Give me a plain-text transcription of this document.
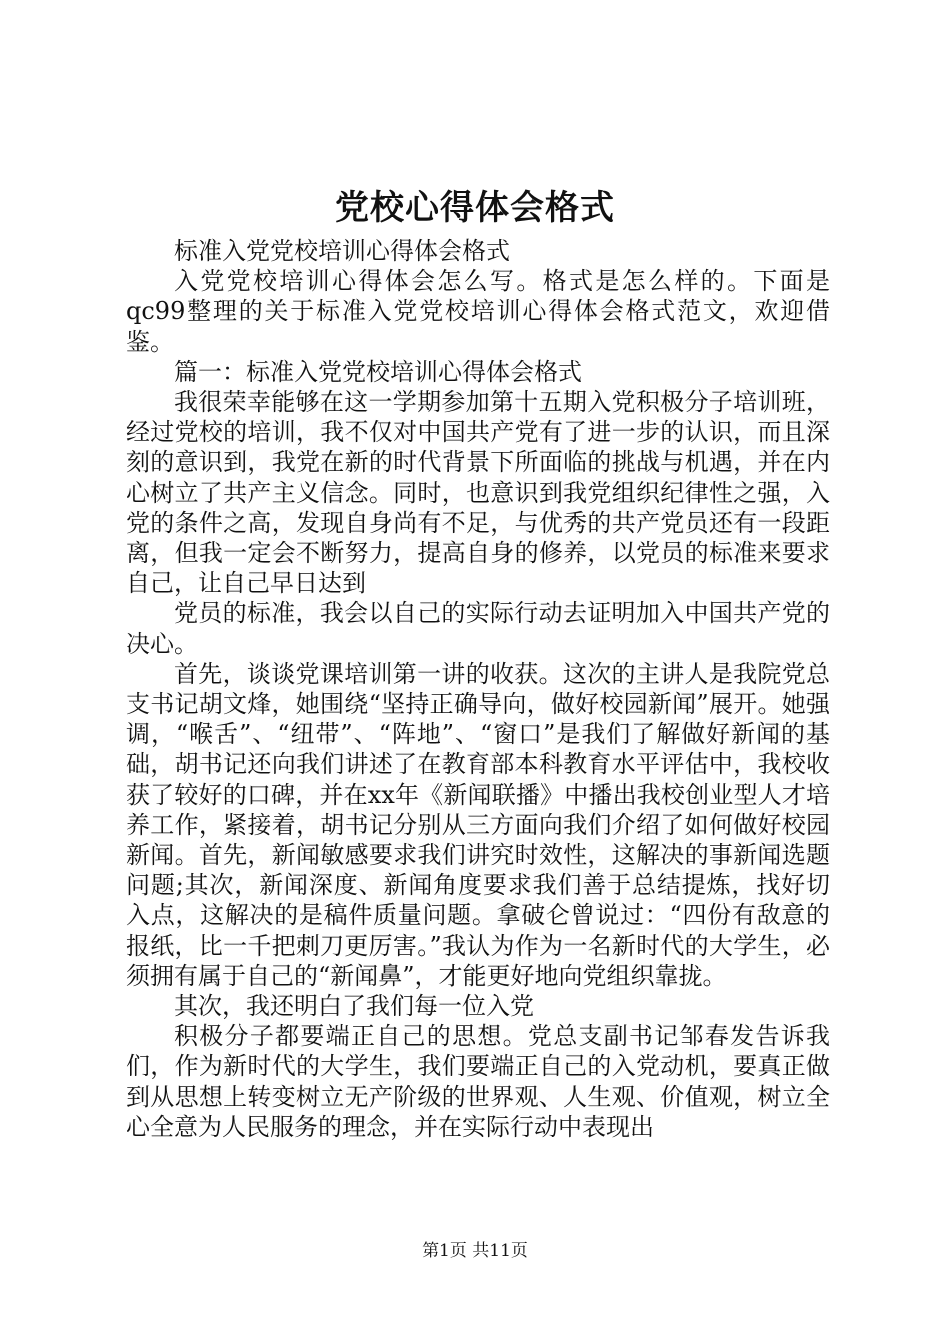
党校心得体会格式

标准入党党校培训心得体会格式

入党党校培训心得体会怎么写。格式是怎么样的。下面是qc99整理的关于标准入党党校培训心得体会格式范文，欢迎借鉴。

篇一：标准入党党校培训心得体会格式

我很荣幸能够在这一学期参加第十五期入党积极分子培训班，经过党校的培训，我不仅对中国共产党有了进一步的认识，而且深刻的意识到，我党在新的时代背景下所面临的挑战与机遇，并在内心树立了共产主义信念。同时，也意识到我党组织纪律性之强，入党的条件之高，发现自身尚有不足，与优秀的共产党员还有一段距离，但我一定会不断努力，提高自身的修养，以党员的标准来要求自己，让自己早日达到

党员的标准，我会以自己的实际行动去证明加入中国共产党的决心。

首先，谈谈党课培训第一讲的收获。这次的主讲人是我院党总支书记胡文烽，她围绕“坚持正确导向，做好校园新闻”展开。她强调，“喉舌”、“纽带”、“阵地”、“窗口”是我们了解做好新闻的基础，胡书记还向我们讲述了在教育部本科教育水平评估中，我校收获了较好的口碑，并在xx年《新闻联播》中播出我校创业型人才培养工作，紧接着，胡书记分别从三方面向我们介绍了如何做好校园新闻。首先，新闻敏感要求我们讲究时效性，这解决的事新闻选题问题;其次，新闻深度、新闻角度要求我们善于总结提炼，找好切入点，这解决的是稿件质量问题。拿破仑曾说过：“四份有敌意的报纸，比一千把刺刀更厉害。”我认为作为一名新时代的大学生，必须拥有属于自己的“新闻鼻”，才能更好地向党组织靠拢。

其次，我还明白了我们每一位入党

积极分子都要端正自己的思想。党总支副书记邹春发告诉我们，作为新时代的大学生，我们要端正自己的入党动机，要真正做到从思想上转变树立无产阶级的世界观、人生观、价值观，树立全心全意为人民服务的理念，并在实际行动中表现出

第1页 共11页
